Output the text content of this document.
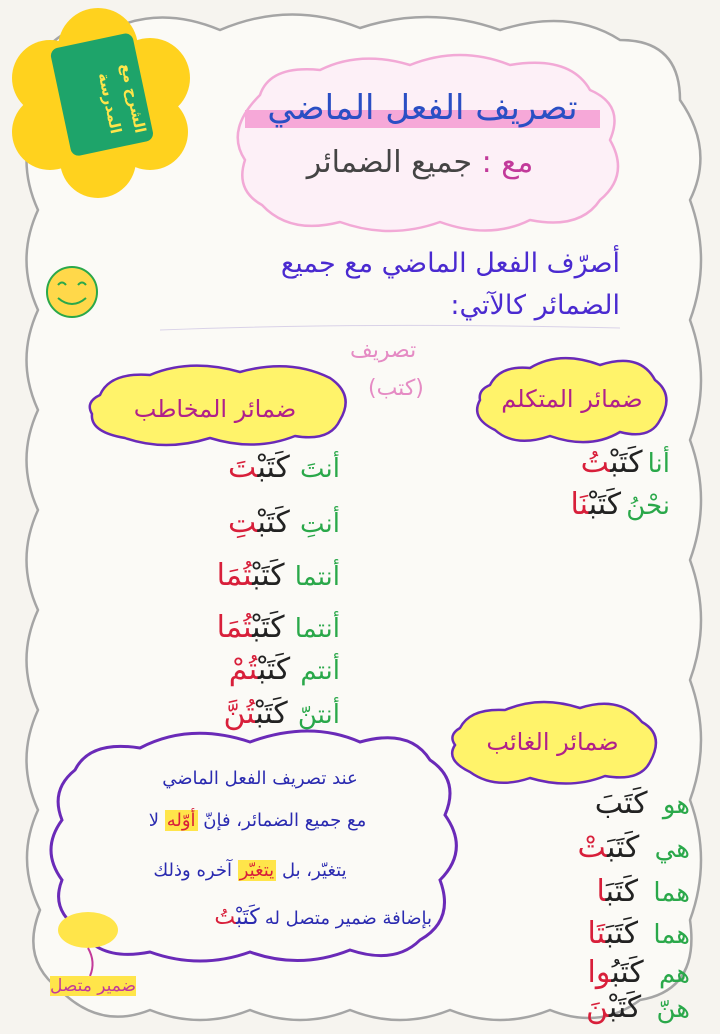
الشرح مع المدرسة	تصريف الفعل الماضي
مع : جميع الضمائر
أصرّف الفعل الماضي مع جميع
الضمائر كالآتي:
تصريف
(كتب)	ضمائر المتكلم
أنا كَتَبْتُ
نحْنُ كَتَبْنَا
ضمائر المخاطب
أنتَ  كَتَبْتَ
أنتِ  كَتَبْتِ
أنتما  كَتَبْتُمَا
أنتما  كَتَبْتُمَا
أنتم  كَتَبْتُمْ
أنتنّ  كَتَبْتُنَّ
ضمائر الغائب
هو   كَتَبَ
هي   كَتَبَتْ
هما   كَتَبَا
هما   كَتَبَتَا
هم   كَتَبُوا
هنّ   كَتَبْنَ
عند تصريف الفعل الماضي
مع جميع الضمائر، فإنّ أوّله لا
يتغيّر، بل يتغيّر آخره وذلك
بإضافة ضمير متصل له كَتَبْتُ
ضمير متصل
